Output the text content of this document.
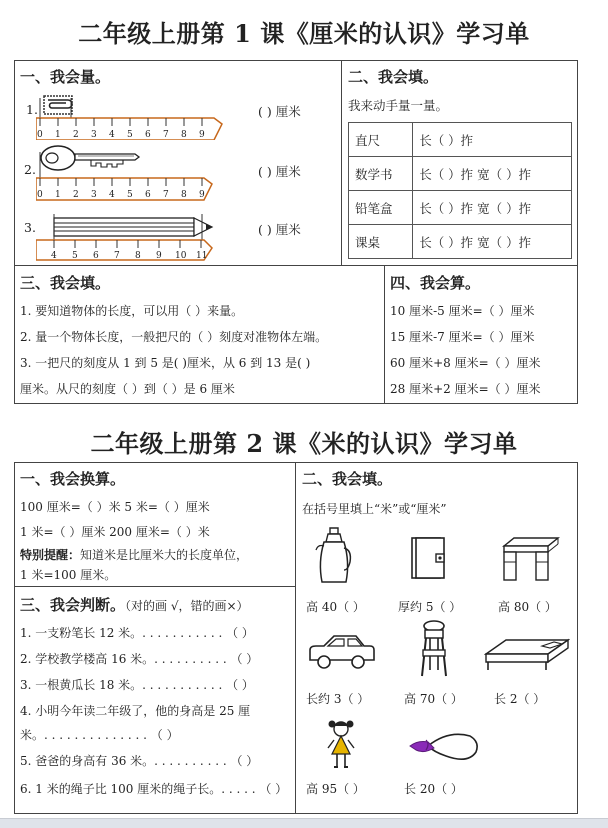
二年级上册第 1 课《厘米的认识》学习单
一、我会量。
1.
0 1 2 3 4 5 6 7 8 9
( ) 厘米
2.
0 1 2 3 4 5 6 7 8 9
( ) 厘米
3.
4 5 6 7 8 9 10 11
( ) 厘米
二、我会填。
我来动手量一量。
直尺	长（ ）拃
数学书	长（ ）拃 宽（ ）拃
铅笔盒	长（ ）拃 宽（ ）拃
课桌	长（ ）拃 宽（ ）拃
三、我会填。
1. 要知道物体的长度，可以用（ ）来量。
2. 量一个物体长度，一般把尺的（ ）刻度对准物体左端。
3. 一把尺的刻度从 1 到 5 是( )厘米，从 6 到 13 是( )
厘米。从尺的刻度（ ）到（ ）是 6 厘米
四、我会算。
10 厘米-5 厘米=（ ）厘米
15 厘米-7 厘米=（ ）厘米
60 厘米+8 厘米=（ ）厘米
28 厘米+2 厘米=（ ）厘米
二年级上册第 2 课《米的认识》学习单
一、我会换算。
100 厘米=（ ）米 5 米=（ ）厘米
1 米=（ ）厘米 200 厘米=（ ）米
特别提醒：知道米是比厘米大的长度单位，
1 米=100 厘米。
三、我会判断。（对的画 √，错的画×）
1. 一支粉笔长 12 米。. . . . . . . . . . . （ ）
2. 学校教学楼高 16 米。. . . . . . . . . . （ ）
3. 一根黄瓜长 18 米。. . . . . . . . . . . （ ）
4. 小明今年读二年级了，他的身高是 25 厘
米。. . . . . . . . . . . . . . （ ）
5. 爸爸的身高有 36 米。. . . . . . . . . . （ ）
6. 1 米的绳子比 100 厘米的绳子长。. . . . . （ ）
二、我会填。
在括号里填上“米”或“厘米”
高 40（ ）	厚约 5（ ）	高 80（ ）
长约 3（ ）	高 70（ ）	长 2（ ）
高 95（ ）	长 20（ ）
